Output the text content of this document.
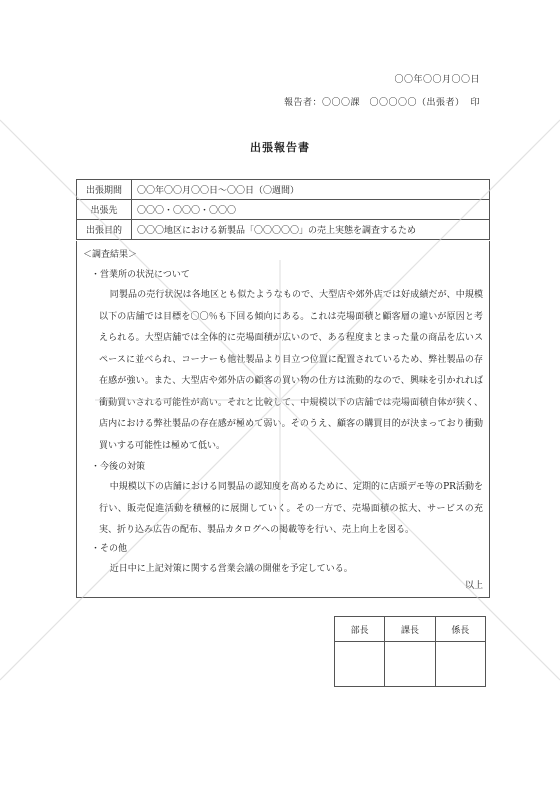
〇〇年〇〇月〇〇日
報告者：〇〇〇課　〇〇〇〇〇（出張者） 印
出張報告書
出張期間	〇〇年〇〇月〇〇日〜〇〇日（〇週間）
出張先	〇〇〇・〇〇〇・〇〇〇
出張目的	〇〇〇地区における新製品「〇〇〇〇〇」の売上実態を調査するため
＜調査結果＞
・営業所の状況について

同製品の売行状況は各地区とも似たようなもので、大型店や郊外店では好成績だが、中規模以下の店舗では目標を〇〇％も下回る傾向にある。これは売場面積と顧客層の違いが原因と考えられる。大型店舗では全体的に売場面積が広いので、ある程度まとまった量の商品を広いスペースに並べられ、コーナーも他社製品より目立つ位置に配置されているため、弊社製品の存在感が強い。また、大型店や郊外店の顧客の買い物の仕方は流動的なので、興味を引かれれば衝動買いされる可能性が高い。それと比較して、中規模以下の店舗では売場面積自体が狭く、店内における弊社製品の存在感が極めて弱い。そのうえ、顧客の購買目的が決まっており衝動買いする可能性は極めて低い。

・今後の対策

中規模以下の店舗における同製品の認知度を高めるために、定期的に店頭デモ等のPR活動を行い、販売促進活動を積極的に展開していく。その一方で、売場面積の拡大、サービスの充実、折り込み広告の配布、製品カタログへの掲載等を行い、売上向上を図る。

・その他

近日中に上記対策に関する営業会議の開催を予定している。

以上
部長	課長	係長
